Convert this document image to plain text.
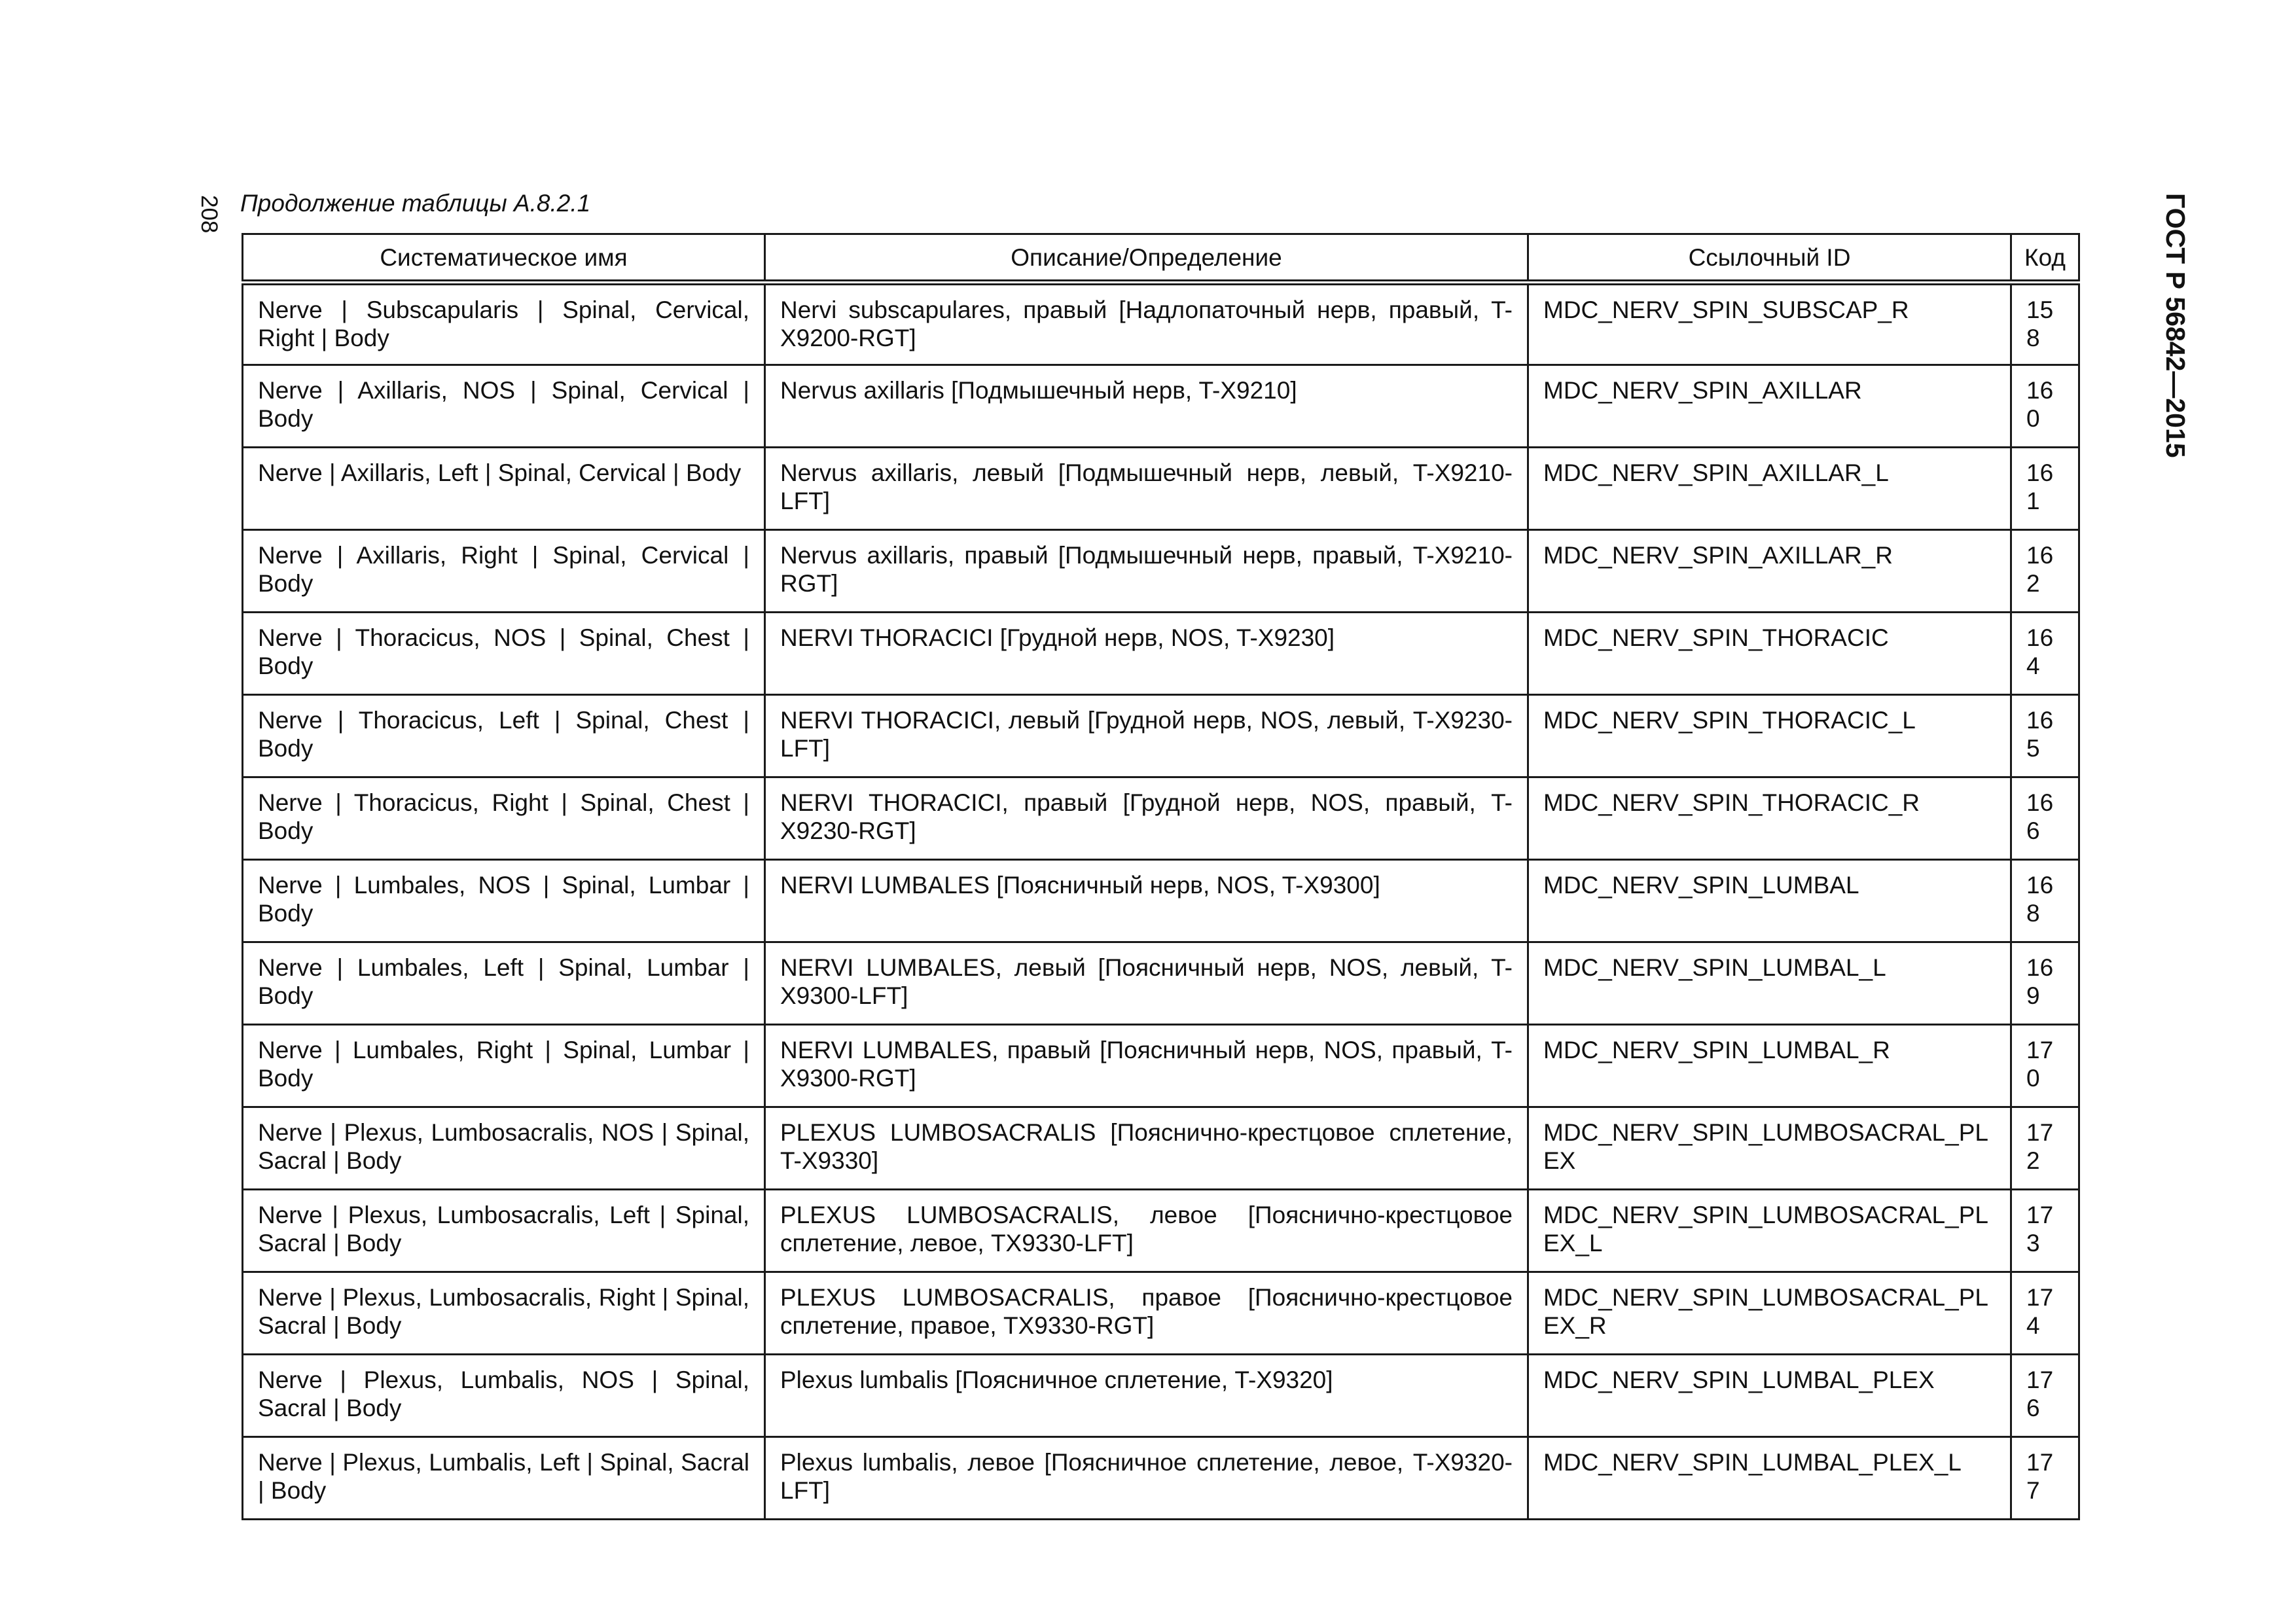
208	ГОСТ Р 56842—2015
Продолжение таблицы А.8.2.1
Систематическое имя	Описание/Определение	Ссылочный ID	Код
Nerve | Subscapularis | Spinal, Cervical, Right | Body	Nervi subscapulares, правый [Надлопаточный нерв, правый, T-X9200-RGT]	MDC_NERV_SPIN_SUBSCAP_R	158
Nerve | Axillaris, NOS | Spinal, Cervical | Body	Nervus axillaris [Подмышечный нерв, T-X9210]	MDC_NERV_SPIN_AXILLAR	160
Nerve | Axillaris, Left | Spinal, Cervical | Body	Nervus axillaris, левый [Подмышечный нерв, левый, T-X9210-LFT]	MDC_NERV_SPIN_AXILLAR_L	161
Nerve | Axillaris, Right | Spinal, Cervical | Body	Nervus axillaris, правый [Подмышечный нерв, правый, T-X9210-RGT]	MDC_NERV_SPIN_AXILLAR_R	162
Nerve | Thoracicus, NOS | Spinal, Chest | Body	NERVI THORACICI [Грудной нерв, NOS, T-X9230]	MDC_NERV_SPIN_THORACIC	164
Nerve | Thoracicus, Left | Spinal, Chest | Body	NERVI THORACICI, левый [Грудной нерв, NOS, левый, T-X9230-LFT]	MDC_NERV_SPIN_THORACIC_L	165
Nerve | Thoracicus, Right | Spinal, Chest | Body	NERVI THORACICI, правый [Грудной нерв, NOS, правый, T-X9230-RGT]	MDC_NERV_SPIN_THORACIC_R	166
Nerve | Lumbales, NOS | Spinal, Lumbar | Body	NERVI LUMBALES [Поясничный нерв, NOS, T-X9300]	MDC_NERV_SPIN_LUMBAL	168
Nerve | Lumbales, Left | Spinal, Lumbar | Body	NERVI LUMBALES, левый [Поясничный нерв, NOS, левый, T-X9300-LFT]	MDC_NERV_SPIN_LUMBAL_L	169
Nerve | Lumbales, Right | Spinal, Lumbar | Body	NERVI LUMBALES, правый [Поясничный нерв, NOS, правый, T-X9300-RGT]	MDC_NERV_SPIN_LUMBAL_R	170
Nerve | Plexus, Lumbosacralis, NOS | Spinal, Sacral | Body	PLEXUS LUMBOSACRALIS [Пояснично-крестцовое сплетение, T-X9330]	MDC_NERV_SPIN_LUMBOSACRAL_PLEX	172
Nerve | Plexus, Lumbosacralis, Left | Spinal, Sacral | Body	PLEXUS LUMBOSACRALIS, левое [Пояснично-крестцовое сплетение, левое, TX9330-LFT]	MDC_NERV_SPIN_LUMBOSACRAL_PLEX_L	173
Nerve | Plexus, Lumbosacralis, Right | Spinal, Sacral | Body	PLEXUS LUMBOSACRALIS, правое [Пояснично-крестцовое сплетение, правое, TX9330-RGT]	MDC_NERV_SPIN_LUMBOSACRAL_PLEX_R	174
Nerve | Plexus, Lumbalis, NOS | Spinal, Sacral | Body	Plexus lumbalis [Поясничное сплетение, T-X9320]	MDC_NERV_SPIN_LUMBAL_PLEX	176
Nerve | Plexus, Lumbalis, Left | Spinal, Sacral | Body	Plexus lumbalis, левое [Поясничное сплетение, левое, T-X9320-LFT]	MDC_NERV_SPIN_LUMBAL_PLEX_L	177
